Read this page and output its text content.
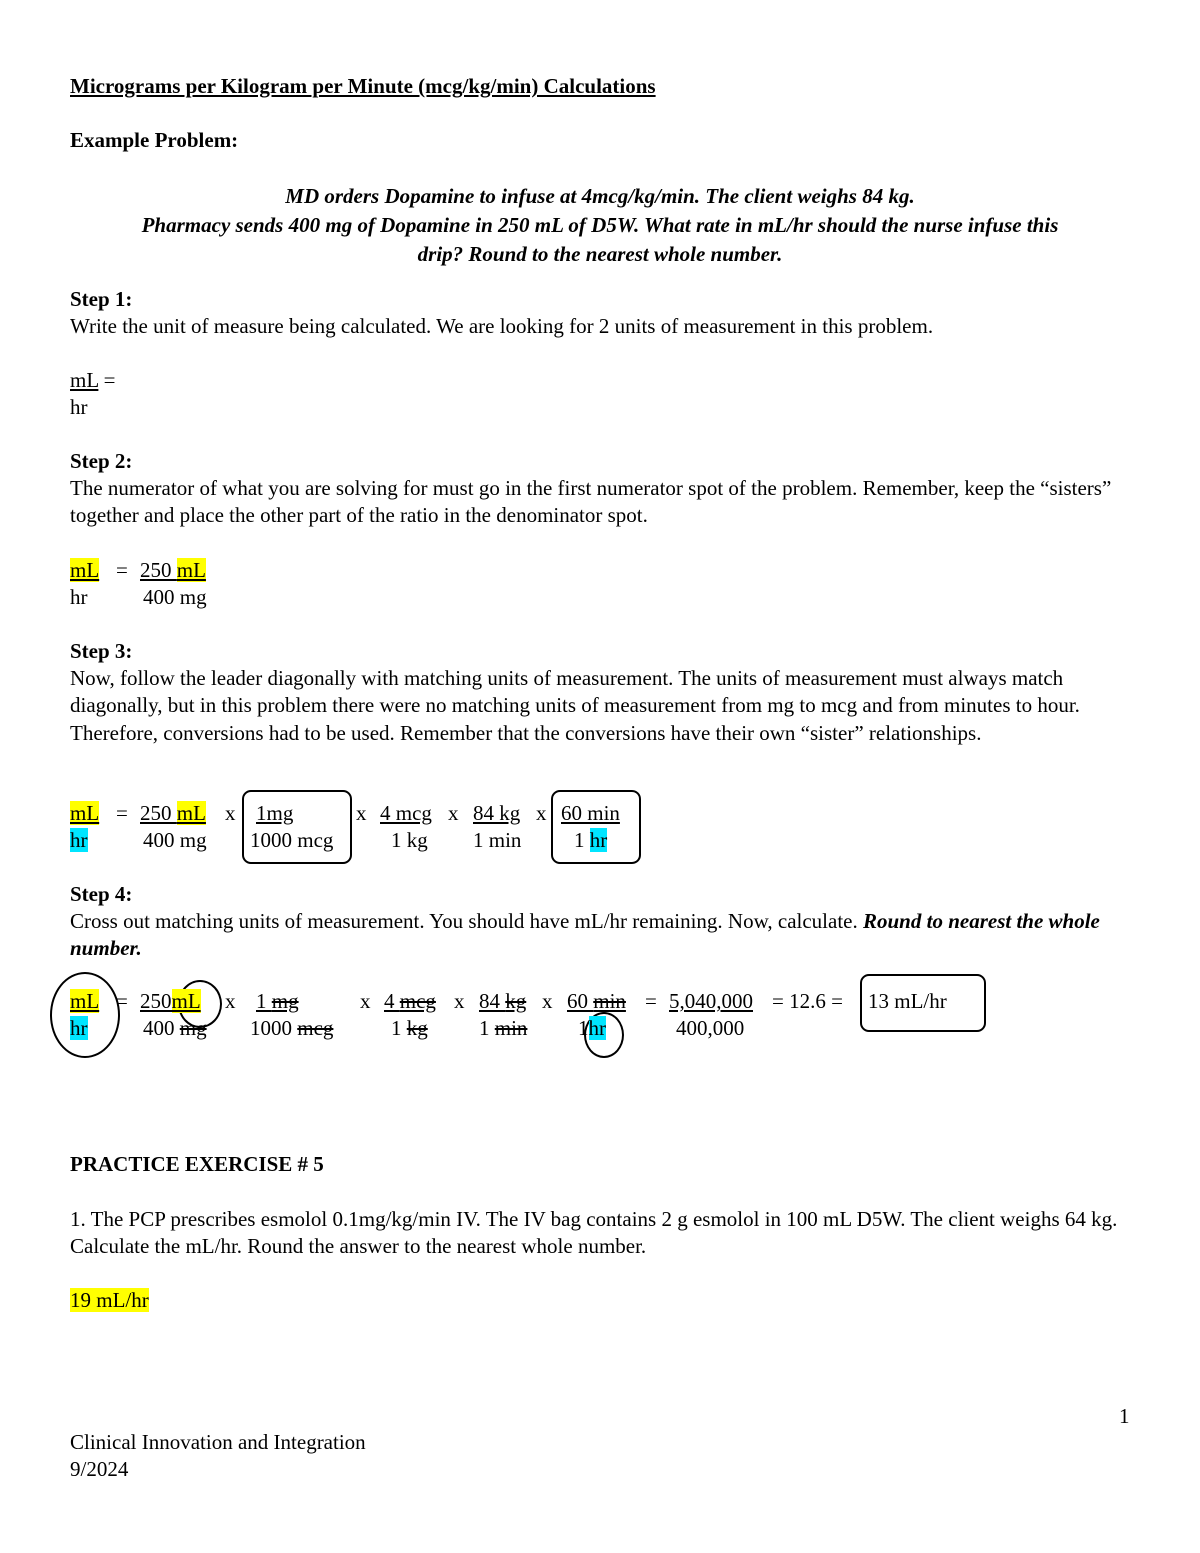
Micrograms per Kilogram per Minute (mcg/kg/min) Calculations
Example Problem:
MD orders Dopamine to infuse at 4mcg/kg/min. The client weighs 84 kg.
Pharmacy sends 400 mg of Dopamine in 250 mL of D5W. What rate in mL/hr should the nurse infuse this
drip? Round to the nearest whole number.
Step 1:
Write the unit of measure being calculated. We are looking for 2 units of measurement in this problem.
mL =
hr
Step 2:
The numerator of what you are solving for must go in the first numerator spot of the problem. Remember, keep the “sisters” together and place the other part of the ratio in the denominator spot.
mL = 250 mL
hr	400 mg
Step 3:
Now, follow the leader diagonally with matching units of measurement. The units of measurement must always match diagonally, but in this problem there were no matching units of measurement from mg to mcg and from minutes to hour. Therefore, conversions had to be used. Remember that the conversions have their own “sister” relationships.
mL
hr
= 250 mL
400 mg
x 1mg
1000 mcg
x 4 mcg
1 kg
x 84 kg
1 min
x 60 min
1 hr
Step 4:
Cross out matching units of measurement. You should have mL/hr remaining. Now, calculate. Round to nearest the whole number.
mL
hr
= 250mL
400 mg
x 1 mg
1000 mcg
x 4 mcg
1 kg
x 84 kg
1 min
x 60 min
1hr
= 5,040,000
400,000
= 12.6 = 13 mL/hr
PRACTICE EXERCISE # 5
1. The PCP prescribes esmolol 0.1mg/kg/min IV. The IV bag contains 2 g esmolol in 100 mL D5W. The client weighs 64 kg. Calculate the mL/hr. Round the answer to the nearest whole number.
19 mL/hr
1
Clinical Innovation and Integration
9/2024
